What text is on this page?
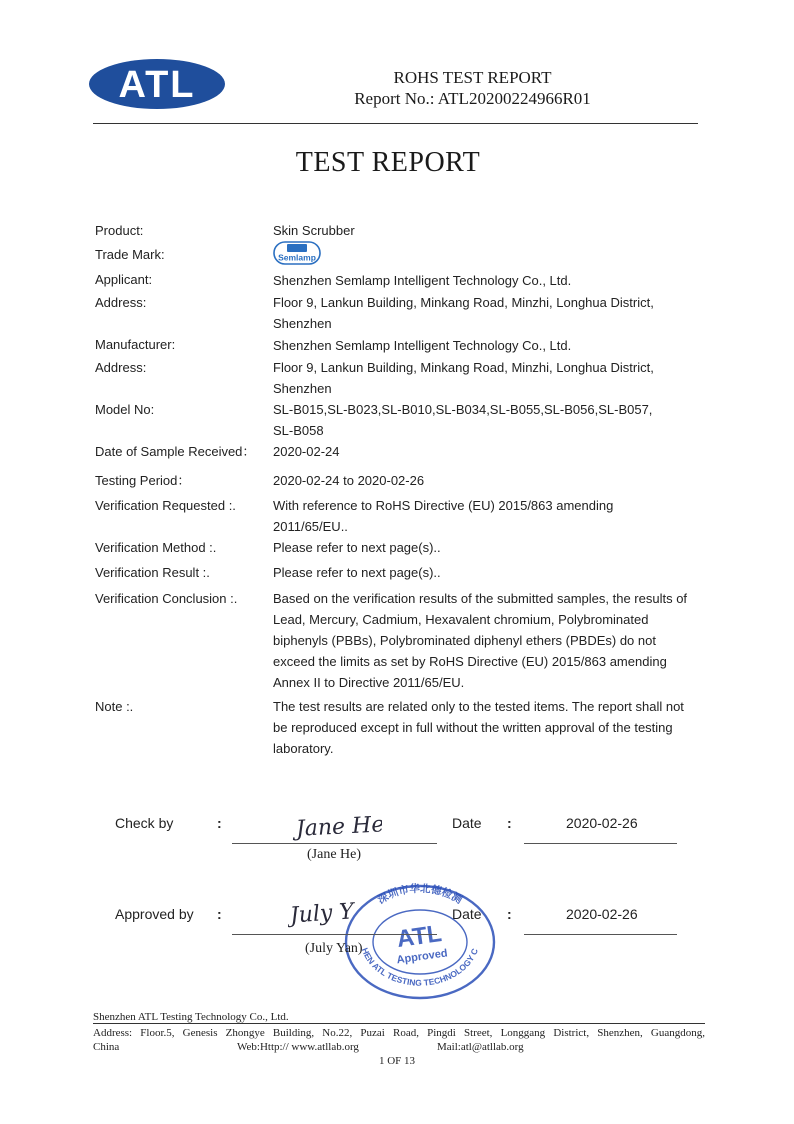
ATL	ROHS TEST REPORT
Report No.: ATL20200224966R01
TEST REPORT
Product:	Skin Scrubber
Trade Mark:	Semlamp
Applicant:	Shenzhen Semlamp Intelligent Technology Co., Ltd.
Address:	Floor 9, Lankun Building, Minkang Road, Minzhi, Longhua District,
Shenzhen
Manufacturer:	Shenzhen Semlamp Intelligent Technology Co., Ltd.
Address:	Floor 9, Lankun Building, Minkang Road, Minzhi, Longhua District,
Shenzhen
Model No:	SL-B015,SL-B023,SL-B010,SL-B034,SL-B055,SL-B056,SL-B057,
SL-B058
Date of Sample Received：	2020-02-24
Testing Period：	2020-02-24 to 2020-02-26
Verification Requested :.	With reference to RoHS Directive (EU) 2015/863 amending
2011/65/EU..
Verification Method :.	Please refer to next page(s)..
Verification Result :.	Please refer to next page(s)..
Verification Conclusion :.	Based on the verification results of the submitted samples, the results of
Lead, Mercury, Cadmium, Hexavalent chromium, Polybrominated
biphenyls (PBBs), Polybrominated diphenyl ethers (PBDEs) do not
exceed the limits as set by RoHS Directive (EU) 2015/863 amending
Annex II to Directive 2011/65/EU.
Note :.	The test results are related only to the tested items. The report shall not
be reproduced except in full without the written approval of the testing
laboratory.
Check by	:	Jane He
(Jane He)
Date :	2020-02-26
深圳市华北德检测
HEN ATL TESTING TECHNOLOGY C
ATL
Approved
Approved by :	July Y
(July Yan)
Date :	2020-02-26
Shenzhen ATL Testing Technology Co., Ltd.
Address: Floor.5, Genesis Zhongye Building, No.22, Puzai Road, Pingdi Street, Longgang District, Shenzhen, Guangdong,
China	Web:Http:// www.atllab.org	Mail:atl@atllab.org
1 OF 13
